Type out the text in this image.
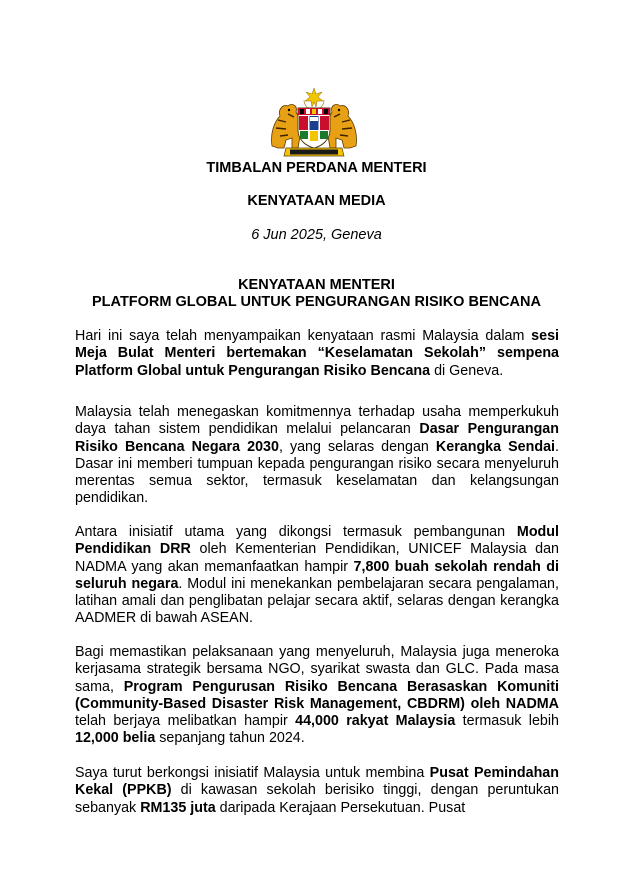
TIMBALAN PERDANA MENTERI
KENYATAAN MEDIA
6 Jun 2025, Geneva
KENYATAAN MENTERI
PLATFORM GLOBAL UNTUK PENGURANGAN RISIKO BENCANA

Hari ini saya telah menyampaikan kenyataan rasmi Malaysia dalam sesi Meja Bulat Menteri bertemakan “Keselamatan Sekolah” sempena Platform Global untuk Pengurangan Risiko Bencana di Geneva.

Malaysia telah menegaskan komitmennya terhadap usaha memperkukuh daya tahan sistem pendidikan melalui pelancaran Dasar Pengurangan Risiko Bencana Negara 2030, yang selaras dengan Kerangka Sendai. Dasar ini memberi tumpuan kepada pengurangan risiko secara menyeluruh merentas semua sektor, termasuk keselamatan dan kelangsungan pendidikan.

Antara inisiatif utama yang dikongsi termasuk pembangunan Modul Pendidikan DRR oleh Kementerian Pendidikan, UNICEF Malaysia dan NADMA yang akan memanfaatkan hampir 7,800 buah sekolah rendah di seluruh negara. Modul ini menekankan pembelajaran secara pengalaman, latihan amali dan penglibatan pelajar secara aktif, selaras dengan kerangka AADMER di bawah ASEAN.

Bagi memastikan pelaksanaan yang menyeluruh, Malaysia juga meneroka kerjasama strategik bersama NGO, syarikat swasta dan GLC. Pada masa sama, Program Pengurusan Risiko Bencana Berasaskan Komuniti (Community-Based Disaster Risk Management, CBDRM) oleh NADMA telah berjaya melibatkan hampir 44,000 rakyat Malaysia termasuk lebih 12,000 belia sepanjang tahun 2024.

Saya turut berkongsi inisiatif Malaysia untuk membina Pusat Pemindahan Kekal (PPKB) di kawasan sekolah berisiko tinggi, dengan peruntukan sebanyak RM135 juta daripada Kerajaan Persekutuan. Pusat
